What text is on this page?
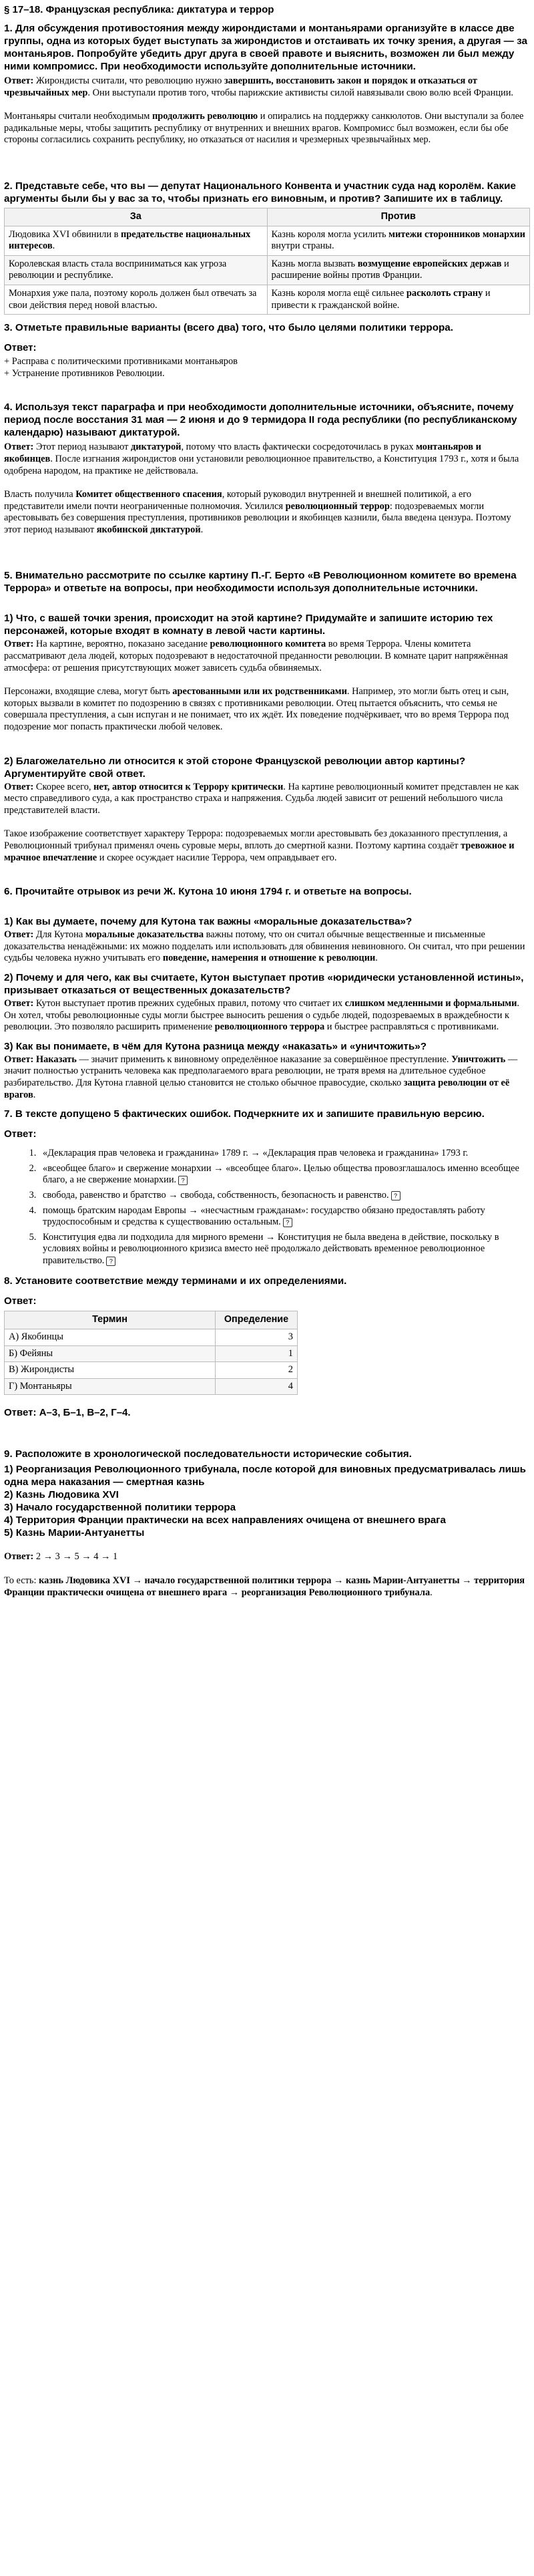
§ 17–18. Французская республика: диктатура и террор
1. Для обсуждения противостояния между жирондистами и монтаньярами организуйте в классе две группы, одна из которых будет выступать за жирондистов и отстаивать их точку зрения, а другая — за монтаньяров. Попробуйте убедить друг друга в своей правоте и выяснить, возможен ли был между ними компромисс. При необходимости используйте дополнительные источники.

Ответ: Жирондисты считали, что революцию нужно завершить, восстановить закон и порядок и отказаться от чрезвычайных мер. Они выступали против того, чтобы парижские активисты силой навязывали свою волю всей Франции.

Монтаньяры считали необходимым продолжить революцию и опирались на поддержку санкюлотов. Они выступали за более радикальные меры, чтобы защитить республику от внутренних и внешних врагов. Компромисс был возможен, если бы обе стороны согласились сохранить республику, но отказаться от насилия и чрезмерных чрезвычайных мер.

2. Представьте себе, что вы — депутат Национального Конвента и участник суда над королём. Какие аргументы были бы у вас за то, чтобы признать его виновным, и против? Запишите их в таблицу.
За	Против
Людовика XVI обвинили в предательстве национальных интересов.	Казнь короля могла усилить митежи сторонников монархии внутри страны.
Королевская власть стала восприниматься как угроза революции и республике.	Казнь могла вызвать возмущение европейских держав и расширение войны против Франции.
Монархия уже пала, поэтому король должен был отвечать за свои действия перед новой властью.	Казнь короля могла ещё сильнее расколоть страну и привести к гражданской войне.
3. Отметьте правильные варианты (всего два) того, что было целями политики террора.
Ответ:
+ Расправа с политическими противниками монтаньяров
+ Устранение противников Революции.
4. Используя текст параграфа и при необходимости дополнительные источники, объясните, почему период после восстания 31 мая — 2 июня и до 9 термидора II года республики (по республиканскому календарю) называют диктатурой.

Ответ: Этот период называют диктатурой, потому что власть фактически сосредоточилась в руках монтаньяров и якобинцев. После изгнания жирондистов они установили революционное правительство, а Конституция 1793 г., хотя и была одобрена народом, на практике не действовала.

Власть получила Комитет общественного спасения, который руководил внутренней и внешней политикой, а его представители имели почти неограниченные полномочия. Усилился революционный террор: подозреваемых могли арестовывать без совершения преступления, противников революции и якобинцев казнили, была введена цензура. Поэтому этот период называют якобинской диктатурой.

5. Внимательно рассмотрите по ссылке картину П.-Г. Берто «В Революционном комитете во времена Террора» и ответьте на вопросы, при необходимости используя дополнительные источники.
1) Что, с вашей точки зрения, происходит на этой картине? Придумайте и запишите историю тех персонажей, которые входят в комнату в левой части картины.

Ответ: На картине, вероятно, показано заседание революционного комитета во время Террора. Члены комитета рассматривают дела людей, которых подозревают в недостаточной преданности революции. В комнате царит напряжённая атмосфера: от решения присутствующих может зависеть судьба обвиняемых.

Персонажи, входящие слева, могут быть арестованными или их родственниками. Например, это могли быть отец и сын, которых вызвали в комитет по подозрению в связях с противниками революции. Отец пытается объяснить, что семья не совершала преступления, а сын испуган и не понимает, что их ждёт. Их поведение подчёркивает, что во время Террора под подозрение мог попасть практически любой человек.

2) Благожелательно ли относится к этой стороне Французской революции автор картины? Аргументируйте свой ответ.

Ответ: Скорее всего, нет, автор относится к Террору критически. На картине революционный комитет представлен не как место справедливого суда, а как пространство страха и напряжения. Судьба людей зависит от решений небольшого числа представителей власти.

Такое изображение соответствует характеру Террора: подозреваемых могли арестовывать без доказанного преступления, а Революционный трибунал применял очень суровые меры, вплоть до смертной казни. Поэтому картина создаёт тревожное и мрачное впечатление и скорее осуждает насилие Террора, чем оправдывает его.

6. Прочитайте отрывок из речи Ж. Кутона 10 июня 1794 г. и ответьте на вопросы.
1) Как вы думаете, почему для Кутона так важны «моральные доказательства»?

Ответ: Для Кутона моральные доказательства важны потому, что он считал обычные вещественные и письменные доказательства ненадёжными: их можно подделать или использовать для обвинения невиновного. Он считал, что при решении судьбы человека нужно учитывать его поведение, намерения и отношение к революции.

2) Почему и для чего, как вы считаете, Кутон выступает против «юридически установленной истины», призывает отказаться от вещественных доказательств?

Ответ: Кутон выступает против прежних судебных правил, потому что считает их слишком медленными и формальными. Он хотел, чтобы революционные суды могли быстрее выносить решения о судьбе людей, подозреваемых в враждебности к революции. Это позволяло расширить применение революционного террора и быстрее расправляться с противниками.

3) Как вы понимаете, в чём для Кутона разница между «наказать» и «уничтожить»?

Ответ: Наказать — значит применить к виновному определённое наказание за совершённое преступление. Уничтожить — значит полностью устранить человека как предполагаемого врага революции, не тратя время на длительное судебное разбирательство. Для Кутона главной целью становится не столько обычное правосудие, сколько защита революции от её врагов.

7. В тексте допущено 5 фактических ошибок. Подчеркните их и запишите правильную версию.
Ответ:
1. «Декларация прав человека и гражданина» 1789 г. → «Декларация прав человека и гражданина» 1793 г.
2. «всеобщее благо» и свержение монархии → «всеобщее благо». Целью общества провозглашалось именно всеобщее благо, а не свержение монархии. ?
3. свобода, равенство и братство → свобода, собственность, безопасность и равенство. ?
4. помощь братским народам Европы → «несчастным гражданам»: государство обязано предоставлять работу трудоспособным и средства к существованию остальным. ?
5. Конституция едва ли подходила для мирного времени → Конституция не была введена в действие, поскольку в условиях войны и революционного кризиса вместо неё продолжало действовать временное революционное правительство. ?
8. Установите соответствие между терминами и их определениями.
Ответ:
Термин	Определение
А) Якобинцы	3
Б) Фейяны	1
В) Жирондисты	2
Г) Монтаньяры	4
Ответ: А–3, Б–1, В–2, Г–4.
9. Расположите в хронологической последовательности исторические события.
1) Реорганизация Революционного трибунала, после которой для виновных предусматривалась лишь одна мера наказания — смертная казнь
2) Казнь Людовика XVI
3) Начало государственной политики террора
4) Территория Франции практически на всех направлениях очищена от внешнего врага
5) Казнь Марии-Антуанетты

Ответ: 2 → 3 → 5 → 4 → 1

То есть: казнь Людовика XVI → начало государственной политики террора → казнь Марии-Антуанетты → территория Франции практически очищена от внешнего врага → реорганизация Революционного трибунала.
